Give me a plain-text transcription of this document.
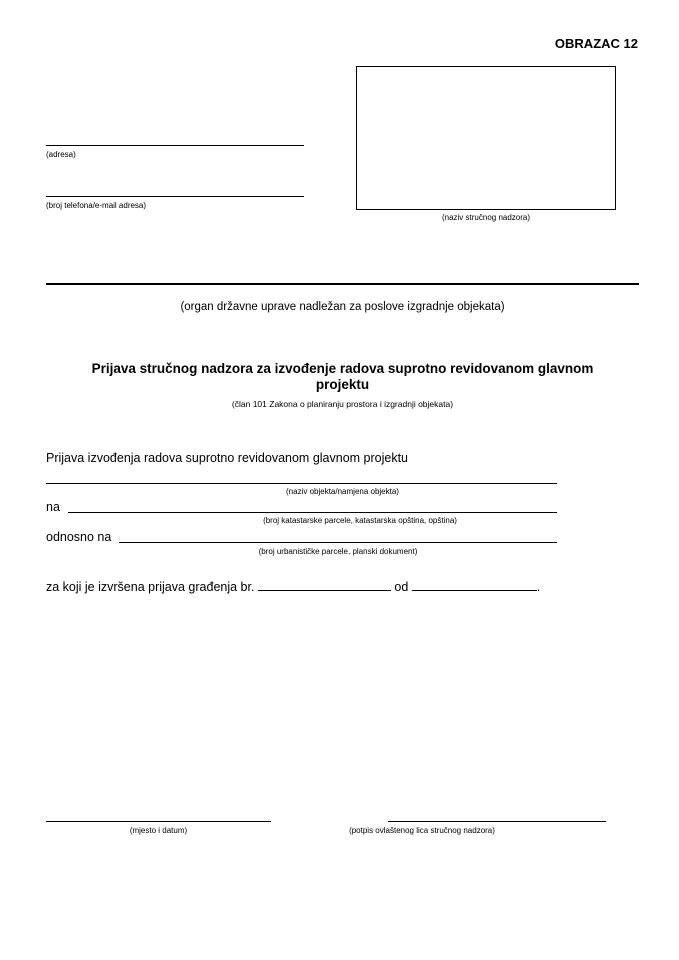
OBRAZAC 12
(adresa)
(broj telefona/e-mail adresa)
(naziv stručnog nadzora)
(organ državne uprave nadležan za poslove izgradnje objekata)
Prijava stručnog nadzora za izvođenje radova suprotno revidovanom glavnom
projektu
(član 101 Zakona o planiranju prostora i izgradnji objekata)
Prijava izvođenja radova suprotno revidovanom glavnom projektu
(naziv objekta/namjena objekta)
na
(broj katastarske parcele, katastarska opština, opština)
odnosno na
(broj urbanističke parcele, planski dokument)
za koji je izvršena prijava građenja br.	od	.
(mjesto i datum)	(potpis ovlaštenog lica stručnog nadzora)
